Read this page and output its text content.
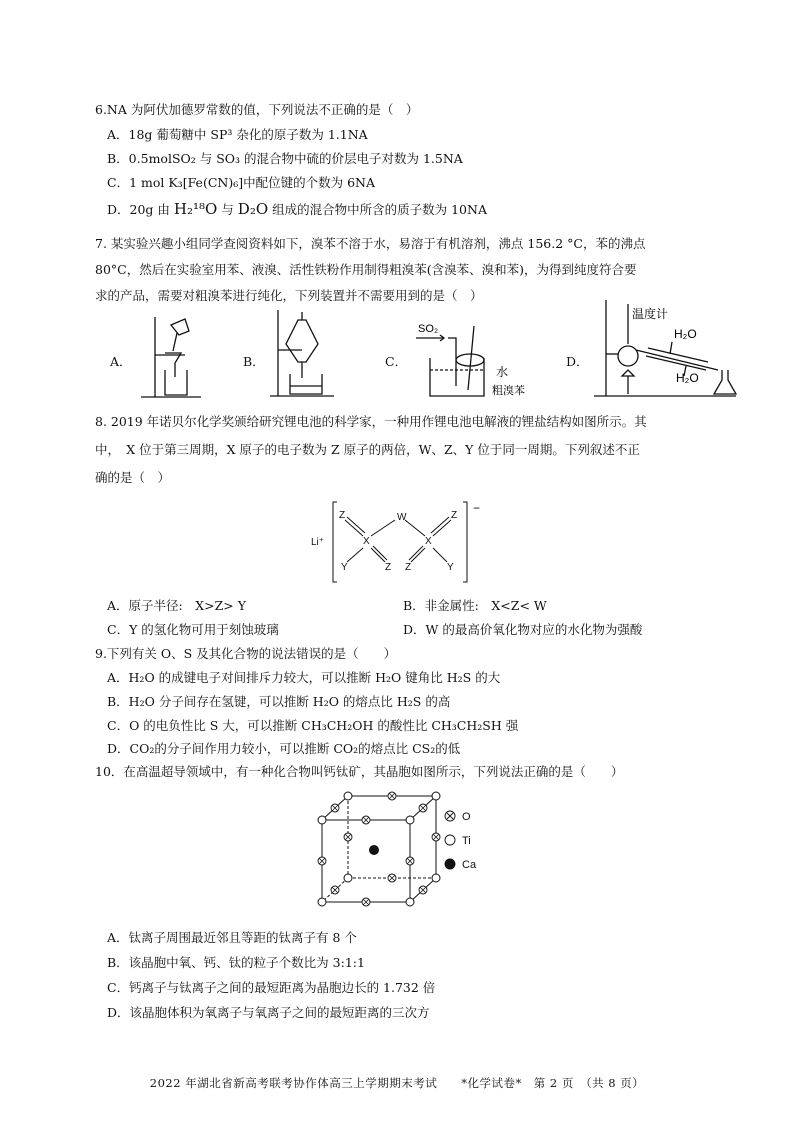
6.NA 为阿伏加德罗常数的值，下列说法不正确的是（　）
A．18g 葡萄糖中 SP³ 杂化的原子数为 1.1NA
B．0.5molSO₂ 与 SO₃ 的混合物中硫的价层电子对数为 1.5NA
C．1 mol K₃[Fe(CN)₆]中配位键的个数为 6NA
D．20g 由 H₂¹⁸O 与 D₂O 组成的混合物中所含的质子数为 10NA
7. 某实验兴趣小组同学查阅资料如下，溴苯不溶于水，易溶于有机溶剂，沸点 156.2 °C，苯的沸点
80°C，然后在实验室用苯、液溴、活性铁粉作用制得粗溴苯(含溴苯、溴和苯)，为得到纯度符合要
求的产品，需要对粗溴苯进行纯化，下列装置并不需要用到的是（　）
A．	B．	C．	D．
SO₂
水
粗溴苯
温度计
H₂O
H₂O
8. 2019 年诺贝尔化学奖颁给研究锂电池的科学家，一种用作锂电池电解液的锂盐结构如图所示。其
中，　X 位于第三周期，X 原子的电子数为 Z 原子的两倍，W、Z、Y 位于同一周期。下列叙述不正
确的是（　）
Li⁺
Z
X
W
X
Z
Y	Z Z	Y
−
A．原子半径:　X>Z> Y	B．非金属性:　X<Z< W
C．Y 的氢化物可用于刻蚀玻璃	D．W 的最高价氧化物对应的水化物为强酸
9.下列有关 O、S 及其化合物的说法错误的是（　　）
A．H₂O 的成键电子对间排斥力较大，可以推断 H₂O 键角比 H₂S 的大
B．H₂O 分子间存在氢键，可以推断 H₂O 的熔点比 H₂S 的高
C．O 的电负性比 S 大，可以推断 CH₃CH₂OH 的酸性比 CH₃CH₂SH 强
D．CO₂的分子间作用力较小，可以推断 CO₂的熔点比 CS₂的低
10．在高温超导领域中，有一种化合物叫钙钛矿，其晶胞如图所示，下列说法正确的是（　　）
O
Ti
Ca
A．钛离子周围最近邻且等距的钛离子有 8 个
B．该晶胞中氧、钙、钛的粒子个数比为 3:1:1
C．钙离子与钛离子之间的最短距离为晶胞边长的 1.732 倍
D．该晶胞体积为氧离子与氧离子之间的最短距离的三次方
2022 年湖北省新高考联考协作体高三上学期期末考试　　*化学试卷*　第 2 页　（共 8 页）
